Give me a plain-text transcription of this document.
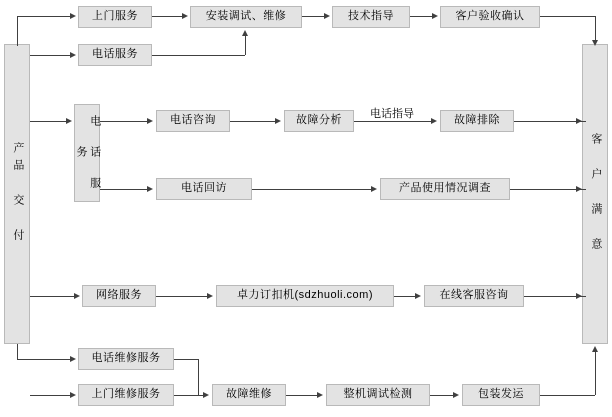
产品 交 付	客 户 满 意
上门服务	安装调试、维修	技术指导	客户验收确认
电话服务
电 话 服 务
电话咨询	故障分析	故障排除
电话指导
电话回访	产品使用情况调查
网络服务	卓力订扣机(sdzhuoli.com)	在线客服咨询
电话维修服务
上门维修服务	故障维修	整机调试检测	包装发运
